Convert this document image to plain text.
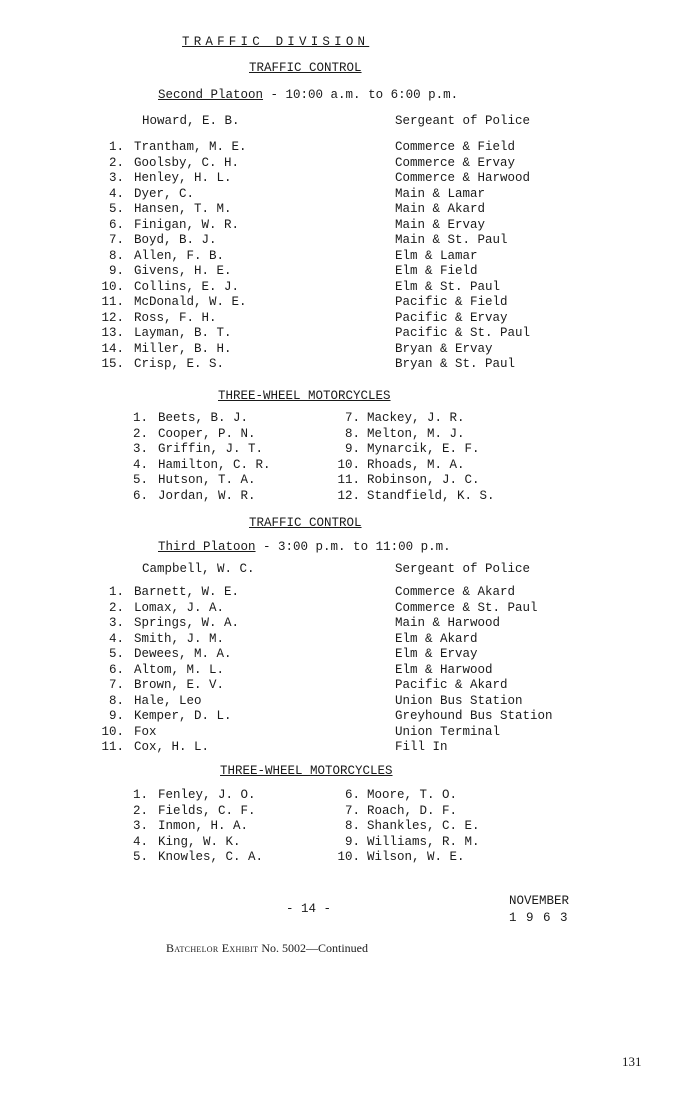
TRAFFIC DIVISION
TRAFFIC CONTROL
Second Platoon - 10:00 a.m. to 6:00 p.m.
Howard, E. B.	Sergeant of Police
1. Trantham, M. E.	Commerce & Field
2. Goolsby, C. H.	Commerce & Ervay
3. Henley, H. L.	Commerce & Harwood
4. Dyer, C.	Main & Lamar
5. Hansen, T. M.	Main & Akard
6. Finigan, W. R.	Main & Ervay
7. Boyd, B. J.	Main & St. Paul
8. Allen, F. B.	Elm & Lamar
9. Givens, H. E.	Elm & Field
10. Collins, E. J.	Elm & St. Paul
11. McDonald, W. E.	Pacific & Field
12. Ross, F. H.	Pacific & Ervay
13. Layman, B. T.	Pacific & St. Paul
14. Miller, B. H.	Bryan & Ervay
15. Crisp, E. S.	Bryan & St. Paul
THREE-WHEEL MOTORCYCLES
1. Beets, B. J.
2. Cooper, P. N.
3. Griffin, J. T.
4. Hamilton, C. R.
5. Hutson, T. A.
6. Jordan, W. R.
7. Mackey, J. R.
8. Melton, M. J.
9. Mynarcik, E. F.
10. Rhoads, M. A.
11. Robinson, J. C.
12. Standfield, K. S.
TRAFFIC CONTROL
Third Platoon - 3:00 p.m. to 11:00 p.m.
Campbell, W. C.	Sergeant of Police
1. Barnett, W. E.	Commerce & Akard
2. Lomax, J. A.	Commerce & St. Paul
3. Springs, W. A.	Main & Harwood
4. Smith, J. M.	Elm & Akard
5. Dewees, M. A.	Elm & Ervay
6. Altom, M. L.	Elm & Harwood
7. Brown, E. V.	Pacific & Akard
8. Hale, Leo	Union Bus Station
9. Kemper, D. L.	Greyhound Bus Station
10. Fox	Union Terminal
11. Cox, H. L.	Fill In
THREE-WHEEL MOTORCYCLES
1. Fenley, J. O.
2. Fields, C. F.
3. Inmon, H. A.
4. King, W. K.
5. Knowles, C. A.
6. Moore, T. O.
7. Roach, D. F.
8. Shankles, C. E.
9. Williams, R. M.
10. Wilson, W. E.
- 14 -
NOVEMBER
1 9 6 3
Batchelor Exhibit No. 5002—Continued
131
